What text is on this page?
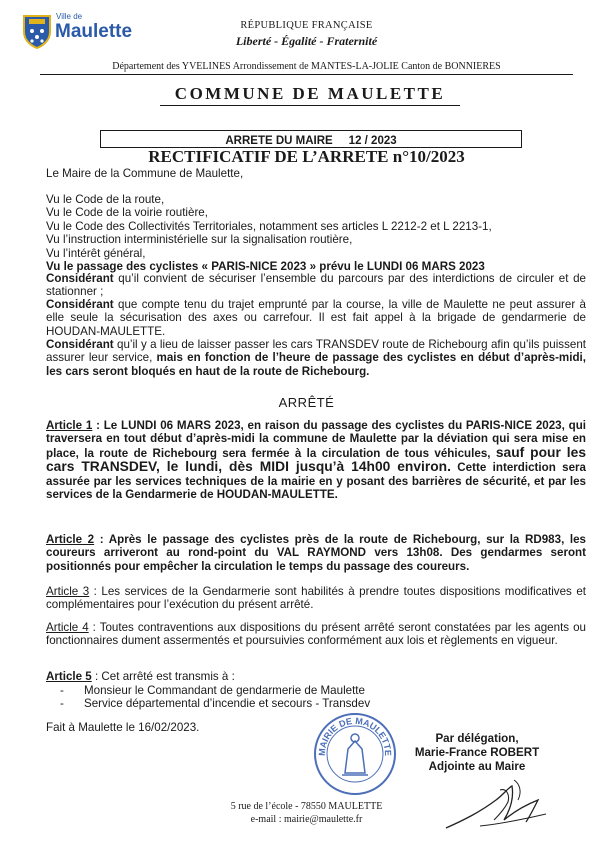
Ville de
Maulette	RÉPUBLIQUE FRANÇAISE
Liberté - Égalité - Fraternité
Département des YVELINES Arrondissement de MANTES-LA-JOLIE Canton de BONNIERES
COMMUNE DE MAULETTE
ARRETE DU MAIRE     12 / 2023
RECTIFICATIF DE L’ARRETE n°10/2023
Le Maire de la Commune de Maulette,
Vu le Code de la route,
Vu le Code de la voirie routière,
Vu le Code des Collectivités Territoriales, notamment ses articles L 2212-2 et L 2213-1,
Vu l’instruction interministérielle sur la signalisation routière,
Vu l’intérêt général,
Vu le passage des cyclistes « PARIS-NICE 2023 » prévu le LUNDI 06 MARS 2023
Considérant qu’il convient de sécuriser l’ensemble du parcours par des interdictions de circuler et de stationner ;
Considérant que compte tenu du trajet emprunté par la course, la ville de Maulette ne peut assurer à elle seule la sécurisation des axes ou carrefour. Il est fait appel à la brigade de gendarmerie de HOUDAN-MAULETTE.
Considérant qu’il y a lieu de laisser passer les cars TRANSDEV route de Richebourg afin qu’ils puissent assurer leur service, mais en fonction de l’heure de passage des cyclistes en début d’après-midi, les cars seront bloqués en haut de la route de Richebourg.
ARRÊTÉ
Article 1 : Le LUNDI 06 MARS 2023, en raison du passage des cyclistes du PARIS-NICE 2023, qui traversera en tout début d’après-midi la commune de Maulette par la déviation qui sera mise en place, la route de Richebourg sera fermée à la circulation de tous véhicules, sauf pour les cars TRANSDEV, le lundi, dès MIDI jusqu’à 14h00 environ. Cette interdiction sera assurée par les services techniques de la mairie en y posant des barrières de sécurité, et par les services de la Gendarmerie de HOUDAN-MAULETTE.
Article 2 : Après le passage des cyclistes près de la route de Richebourg, sur la RD983, les coureurs arriveront au rond-point du VAL RAYMOND vers 13h08. Des gendarmes seront positionnés pour empêcher la circulation le temps du passage des coureurs.
Article 3 : Les services de la Gendarmerie sont habilités à prendre toutes dispositions modificatives et complémentaires pour l’exécution du présent arrêté.
Article 4 : Toutes contraventions aux dispositions du présent arrêté seront constatées par les agents ou fonctionnaires dument assermentés et poursuivies conformément aux lois et règlements en vigueur.
Article 5 : Cet arrêté est transmis à :
- Monsieur le Commandant de gendarmerie de Maulette
- Service départemental d’incendie et secours - Transdev
Fait à Maulette le 16/02/2023.
MAIRIE DE MAULETTE
Par délégation,
Marie-France ROBERT
Adjointe au Maire
5 rue de l’école - 78550 MAULETTE
e-mail : mairie@maulette.fr
